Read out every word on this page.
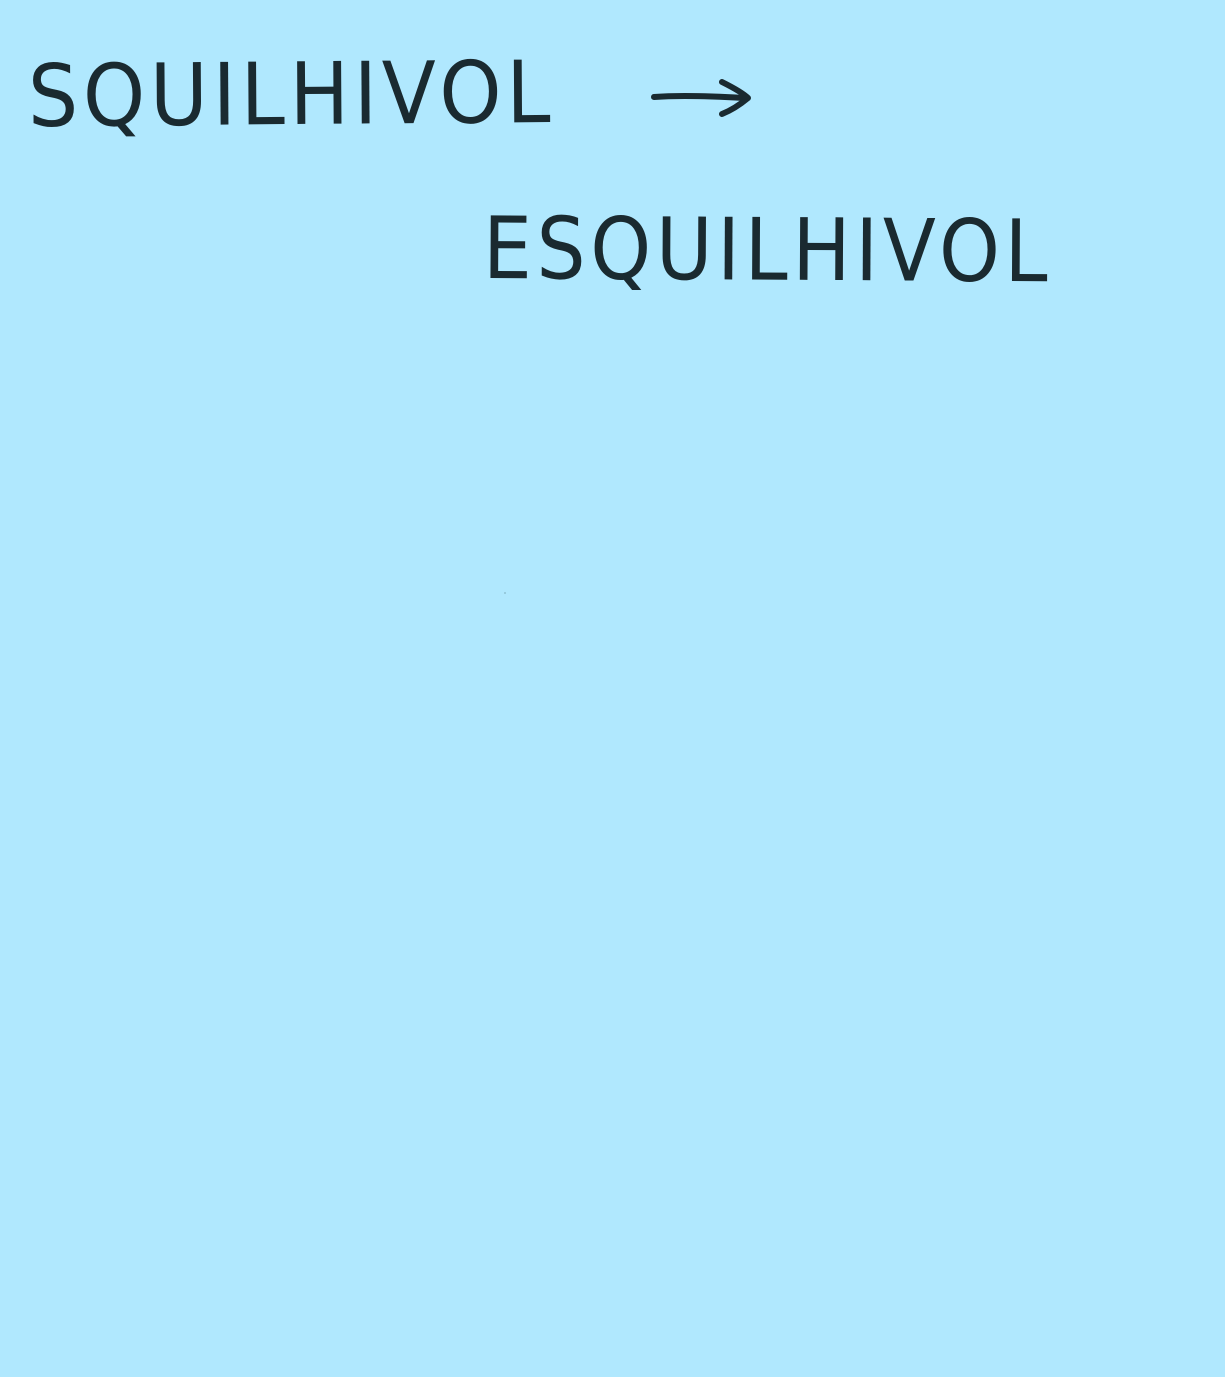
SQUILHIVOL
ESQUILHIVOL
